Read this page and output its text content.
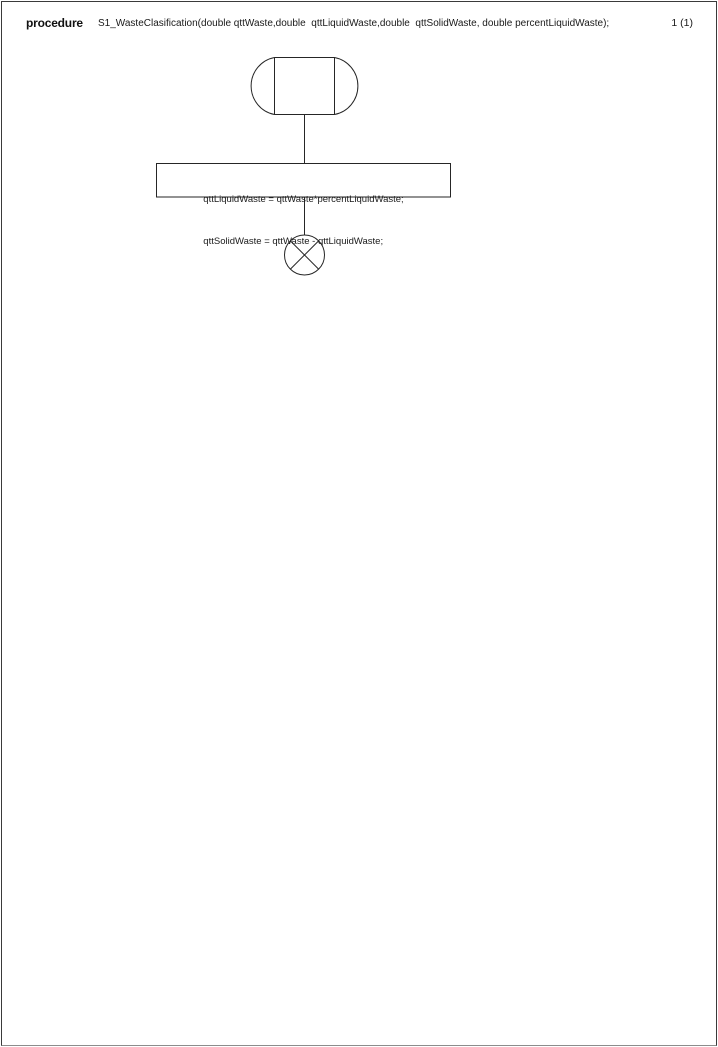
procedure S1_WasteClasification(double qttWaste,double  qttLiquidWaste,double  qttSolidWaste, double percentLiquidWaste);	1 (1)

qttLiquidWaste = qttWaste*percentLiquidWaste;

qttSolidWaste = qttWaste - qttLiquidWaste;
